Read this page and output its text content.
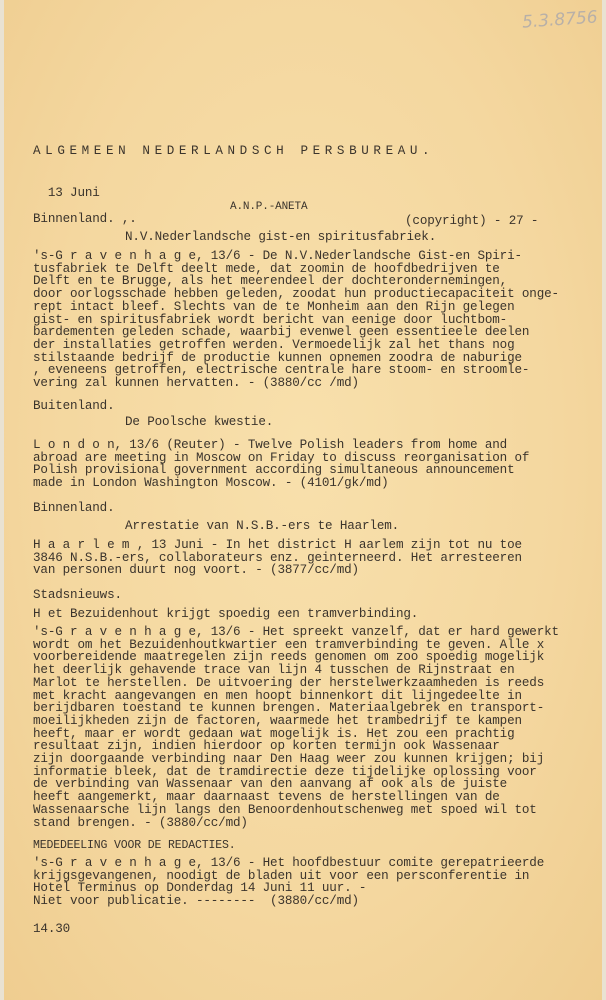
5.3.8756
ALGEMEEN NEDERLANDSCH PERSBUREAU.

13 Juni

A.N.P.-ANETA

(copyright) - 27 -

Binnenland. ,.
N.V.Nederlandsche gist-en spiritusfabriek.
's-G r a v e n h a g e, 13/6 - De N.V.Nederlandsche Gist-en Spiri-
tusfabriek te Delft deelt mede, dat zoomin de hoofdbedrijven te
Delft en te Brugge, als het meerendeel der dochterondernemingen,
door oorlogsschade hebben geleden, zoodat hun productiecapaciteit onge-
rept intact bleef. Slechts van de te Monheim aan den Rijn gelegen
gist- en spiritusfabriek wordt bericht van eenige door luchtbom-
bardementen geleden schade, waarbij evenwel geen essentieele deelen
der installaties getroffen werden. Vermoedelijk zal het thans nog
stilstaande bedrijf de productie kunnen opnemen zoodra de naburige
, eveneens getroffen, electrische centrale hare stoom- en stroomle-
vering zal kunnen hervatten. - (3880/cc /md)
Buitenland.
De Poolsche kwestie.
L o n d o n, 13/6 (Reuter) - Twelve Polish leaders from home and
abroad are meeting in Moscow on Friday to discuss reorganisation of
Polish provisional government according simultaneous announcement
made in London Washington Moscow. - (4101/gk/md)
Binnenland.
Arrestatie van N.S.B.-ers te Haarlem.
H a a r l e m , 13 Juni - In het district H aarlem zijn tot nu toe
3846 N.S.B.-ers, collaborateurs enz. geinterneerd. Het arresteeren
van personen duurt nog voort. - (3877/cc/md)
Stadsnieuws.
H et Bezuidenhout krijgt spoedig een tramverbinding.
's-G r a v e n h a g e, 13/6 - Het spreekt vanzelf, dat er hard gewerkt
wordt om het Bezuidenhoutkwartier een tramverbinding te geven. Alle x
voorbereidende maatregelen zijn reeds genomen om zoo spoedig mogelijk
het deerlijk gehavende trace van lijn 4 tusschen de Rijnstraat en
Marlot te herstellen. De uitvoering der herstelwerkzaamheden is reeds
met kracht aangevangen en men hoopt binnenkort dit lijngedeelte in
berijdbaren toestand te kunnen brengen. Materiaalgebrek en transport-
moeilijkheden zijn de factoren, waarmede het trambedrijf te kampen
heeft, maar er wordt gedaan wat mogelijk is. Het zou een prachtig
resultaat zijn, indien hierdoor op korten termijn ook Wassenaar
zijn doorgaande verbinding naar Den Haag weer zou kunnen krijgen; bij
informatie bleek, dat de tramdirectie deze tijdelijke oplossing voor
de verbinding van Wassenaar van den aanvang af ook als de juiste
heeft aangemerkt, maar daarnaast tevens de herstellingen van de
Wassenaarsche lijn langs den Benoordenhoutschenweg met spoed wil tot
stand brengen. - (3880/cc/md)
MEDEDEELING VOOR DE REDACTIES.
's-G r a v e n h a g e, 13/6 - Het hoofdbestuur comite gerepatrieerde
krijgsgevangenen, noodigt de bladen uit voor een persconferentie in
Hotel Terminus op Donderdag 14 Juni 11 uur. -
Niet voor publicatie. --------  (3880/cc/md)
14.30
